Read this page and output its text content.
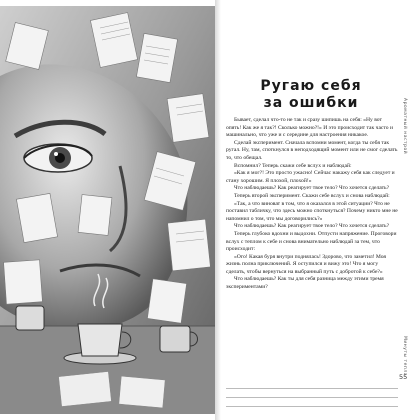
Ругаю себя
за ошибки

Бывает, сделал что-то не так и сразу шипишь на себя: «Ну вот опять! Как же я так?! Сколько можно?!» И это происходит так часто и машинально, что уже и с середине для настроения никакое.

Сделай эксперимент. Сначала вспомни момент, когда ты себя так ругал. Ну, там, споткнулся в неподходящий момент или не смог сделать то, что обещал.

Вспомнил? Теперь скажи себе вслух и наблюдай:

«Как я мог?! Это просто ужасно! Сейчас накажу себя как следует и стану хорошим. Я плохой, плохой!»

Что наблюдаешь? Как реагирует твое тело? Что хочется сделать?

Теперь второй эксперимент. Скажи себе вслух и снова наблюдай:

«Так, а что виноват в том, что я оказался в этой ситуации? Что не поставил табличку, что здесь можно споткнуться? Почему никто мне не напомнил о том, что мы договорились?»

Что наблюдаешь? Как реагирует твое тело? Что хочется сделать?

Теперь глубоко вдохни и выдохни. Отпусти напряжение. Проговори вслух с теплом к себе и снова внимательно наблюдай за тем, что происходит:

«Ого! Какая буря внутри поднялась! Здорово, что заметил! Моя жизнь полна приключений. Я оступился и вижу это! Что я могу сделать, чтобы вернуться на выбранный путь с добротой к себе?»

Что наблюдаешь? Как ты для себя разница между этими тремя экспериментами?

Ароматный настрой
Минуты тепла
55
